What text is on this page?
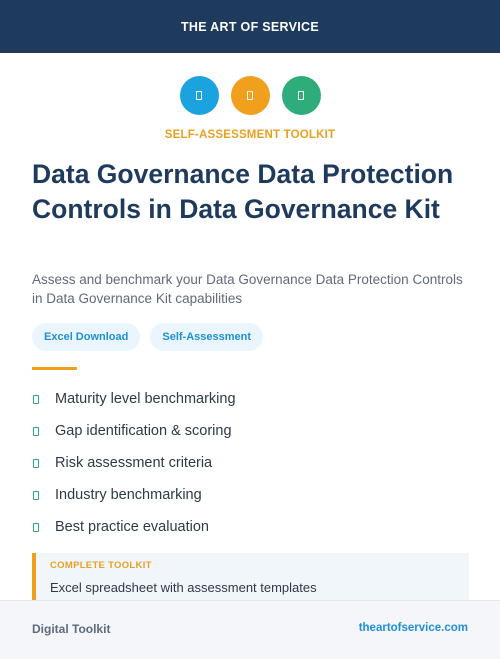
THE ART OF SERVICE
SELF-ASSESSMENT TOOLKIT
Data Governance Data Protection Controls in Data Governance Kit

Assess and benchmark your Data Governance Data Protection Controls in Data Governance Kit capabilities

Excel Download	Self-Assessment
Maturity level benchmarking
Gap identification & scoring
Risk assessment criteria
Industry benchmarking
Best practice evaluation
COMPLETE TOOLKIT
Excel spreadsheet with assessment templates
Digital Toolkit	theartofservice.com
